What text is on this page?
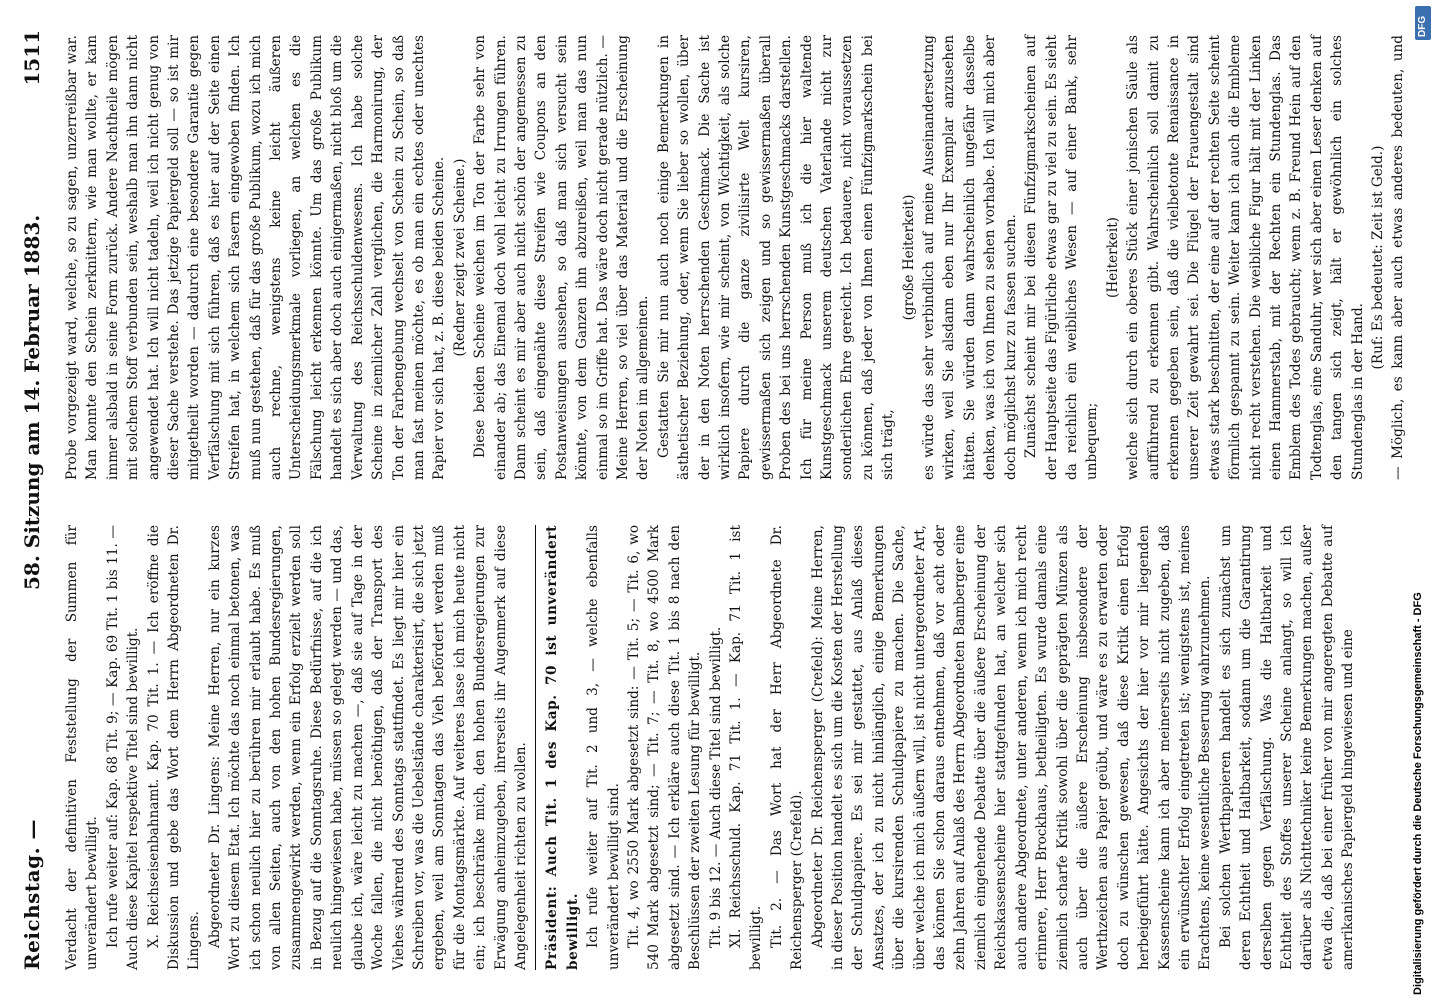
Reichstag. —
58. Sitzung am 14. Februar 1883.
1511

Verdacht der definitiven Feststellung der Summen für unverändert bewilligt. Ich rufe weiter auf: Kap. 68 Tit. 9; — Kap. 69 Tit. 1 bis 11. — Auch diese Kapitel respektive Titel sind bewilligt. X. Reichseisenbahnamt. Kap. 70 Tit. 1. — Ich eröffne die Diskussion und gebe das Wort dem Herrn Abgeordneten Dr. Lingens. Abgeordneter Dr. Lingens: Meine Herren, nur ein kurzes Wort zu diesem Etat. Ich möchte das noch einmal betonen, was ich schon neulich hier zu berühren mir erlaubt habe. Es muß von allen Seiten, auch von den hohen Bundesregierungen, zusammengewirkt werden, wenn ein Erfolg erzielt werden soll in Bezug auf die Sonntagsruhe. Diese Bedürfnisse, auf die ich neulich hingewiesen habe, müssen so gelegt werden — und das, glaube ich, wäre leicht zu machen —, daß sie auf Tage in der Woche fallen, die nicht benöthigen, daß der Transport des Viehes während des Sonntags stattfindet. Es liegt mir hier ein Schreiben vor, was die Uebelstände charakterisirt, die sich jetzt ergeben, weil am Sonntagen das Vieh befördert werden muß für die Montagsmärkte. Auf weiteres lasse ich mich heute nicht ein; ich beschränke mich, den hohen Bundesregierungen zur Erwägung anheimzugeben, ihrerseits ihr Augenmerk auf diese Angelegenheit richten zu wollen. Präsident: Auch Tit. 1 des Kap. 70 ist unverändert bewilligt. Ich rufe weiter auf Tit. 2 und 3, — welche ebenfalls unverändert bewilligt sind. Tit. 4, wo 2550 Mark abgesetzt sind: — Tit. 5; — Tit. 6, wo 540 Mark abgesetzt sind; — Tit. 7; — Tit. 8, wo 4500 Mark abgesetzt sind. — Ich erkläre auch diese Tit. 1 bis 8 nach den Beschlüssen der zweiten Lesung für bewilligt. Tit. 9 bis 12. — Auch diese Titel sind bewilligt. XI. Reichsschuld. Kap. 71 Tit. 1. — Kap. 71 Tit. 1 ist bewilligt. Tit. 2. — Das Wort hat der Herr Abgeordnete Dr. Reichensperger (Crefeld). Abgeordneter Dr. Reichensperger (Crefeld): Meine Herren, in dieser Position handelt es sich um die Kosten der Herstellung der Schuldpapiere. Es sei mir gestattet, aus Anlaß dieses Ansatzes, der ich zu nicht hinlänglich, einige Bemerkungen über die kursirenden Schuldpapiere zu machen. Die Sache, über welche ich mich äußern will, ist nicht untergeordneter Art, das können Sie schon daraus entnehmen, daß vor acht oder zehn Jahren auf Anlaß des Herrn Abgeordneten Bamberger eine ziemlich eingehende Debatte über die äußere Erscheinung der Reichskassenscheine hier stattgefunden hat, an welcher sich auch andere Abgeordnete, unter anderen, wenn ich mich recht erinnere, Herr Brockhaus, betheiligten. Es wurde damals eine ziemlich scharfe Kritik sowohl über die geprägten Münzen als auch über die äußere Erscheinung insbesondere der Werthzeichen aus Papier geübt, und wäre es zu erwarten oder doch zu wünschen gewesen, daß diese Kritik einen Erfolg herbeigeführt hätte. Angesichts der hier vor mir liegenden Kassenscheine kann ich aber meinerseits nicht zugeben, daß ein erwünschter Erfolg eingetreten ist; wenigstens ist, meines Erachtens, keine wesentliche Besserung wahrzunehmen. Bei solchen Werthpapieren handelt es sich zunächst um deren Echtheit und Haltbarkeit, sodann um die Garantirung derselben gegen Verfälschung. Was die Haltbarkeit und Echtheit des Stoffes unserer Scheine anlangt, so will ich darüber als Nichttechniker keine Bemerkungen machen, außer etwa die, daß bei einer früher von mir angeregten Debatte auf amerikanisches Papiergeld hingewiesen und eine

Probe vorgezeigt ward, welche, so zu sagen, unzerreißbar war. Man konnte den Schein zerknittern, wie man wollte, er kam immer alsbald in seine Form zurück. Andere Nachtheile mögen mit solchem Stoff verbunden sein, weshalb man ihn dann nicht angewendet hat. Ich will nicht tadeln, weil ich nicht genug von dieser Sache verstehe. Das jetzige Papiergeld soll — so ist mir mitgetheilt worden — dadurch eine besondere Garantie gegen Verfälschung mit sich führen, daß es hier auf der Seite einen Streifen hat, in welchem sich Fasern eingewoben finden. Ich muß nun gestehen, daß für das große Publikum, wozu ich mich auch rechne, wenigstens keine leicht äußeren Unterscheidungsmerkmale vorliegen, an welchen es die Fälschung leicht erkennen könnte. Um das große Publikum handelt es sich aber doch auch einigermaßen, nicht bloß um die Verwaltung des Reichsschuldenwesens. Ich habe solche Scheine in ziemlicher Zahl verglichen, die Harmonirung, der Ton der Farbengebung wechselt von Schein zu Schein, so daß man fast meinen möchte, es ob man ein echtes oder unechtes Papier vor sich hat, z. B. diese beiden Scheine. (Redner zeigt zwei Scheine.) Diese beiden Scheine weichen im Ton der Farbe sehr von einander ab; das Einemal doch wohl leicht zu Irrungen führen. Dann scheint es mir aber auch nicht schön der angemessen zu sein, daß eingenähte diese Streifen wie Coupons an den Postanweisungen aussehen, so daß man sich versucht sein könnte, von dem Ganzen ihn abzureißen, weil man das nun einmal so im Griffe hat. Das wäre doch nicht gerade nützlich. — Meine Herren, so viel über das Material und die Erscheinung der Noten im allgemeinen. Gestatten Sie mir nun auch noch einige Bemerkungen in ästhetischer Beziehung, oder, wenn Sie lieber so wollen, über der in den Noten herrschenden Geschmack. Die Sache ist wirklich insofern, wie mir scheint, von Wichtigkeit, als solche Papiere durch die ganze zivilisirte Welt kursiren, gewissermaßen sich zeigen und so gewissermaßen überall Proben des bei uns herrschenden Kunstgeschmacks darstellen. Ich für meine Person muß ich die hier waltende Kunstgeschmack unserem deutschen Vaterlande nicht zur sonderlichen Ehre gereicht. Ich bedauere, nicht voraussetzen zu können, daß jeder von Ihnen einen Fünfzigmarkschein bei sich trägt,

(große Heiterkeit) es würde das sehr verbindlich auf meine Auseinandersetzung wirken, weil Sie alsdann eben nur Ihr Exemplar anzusehen hätten. Sie würden dann wahrscheinlich ungefähr dasselbe denken, was ich von Ihnen zu sehen vorhabe. Ich will mich aber doch möglichst kurz zu fassen suchen. Zunächst scheint mir bei diesen Fünfzigmarkscheinen auf der Hauptseite das Figürliche etwas gar zu viel zu sein. Es sieht da reichlich ein weibliches Wesen — auf einer Bank, sehr unbequem;

(Heiterkeit) welche sich durch ein oberes Stück einer jonischen Säule als aufführend zu erkennen gibt. Wahrscheinlich soll damit zu erkennen gegeben sein, daß die vielbetonte Renaissance in unserer Zeit gewahrt sei. Die Flügel der Frauengestalt sind etwas stark beschnitten, der eine auf der rechten Seite scheint förmlich gespannt zu sein. Weiter kann ich auch die Embleme nicht recht verstehen. Die weibliche Figur hält mit der Linken einen Hammerstab, mit der Rechten ein Stundenglas. Das Emblem des Todes gebraucht; wenn z. B. Freund Hein auf den Todtenglas, eine Sanduhr, wer sich aber einen Leser denken auf den tangen sich zeigt, hält er gewöhnlich ein solches Stundenglas in der Hand.

(Ruf: Es bedeutet: Zeit ist Geld.)

— Möglich, es kann aber auch etwas anderes bedeuten, und

Digitalisierung gefördert durch die Deutsche Forschungsgemeinschaft - DFG
DFG
